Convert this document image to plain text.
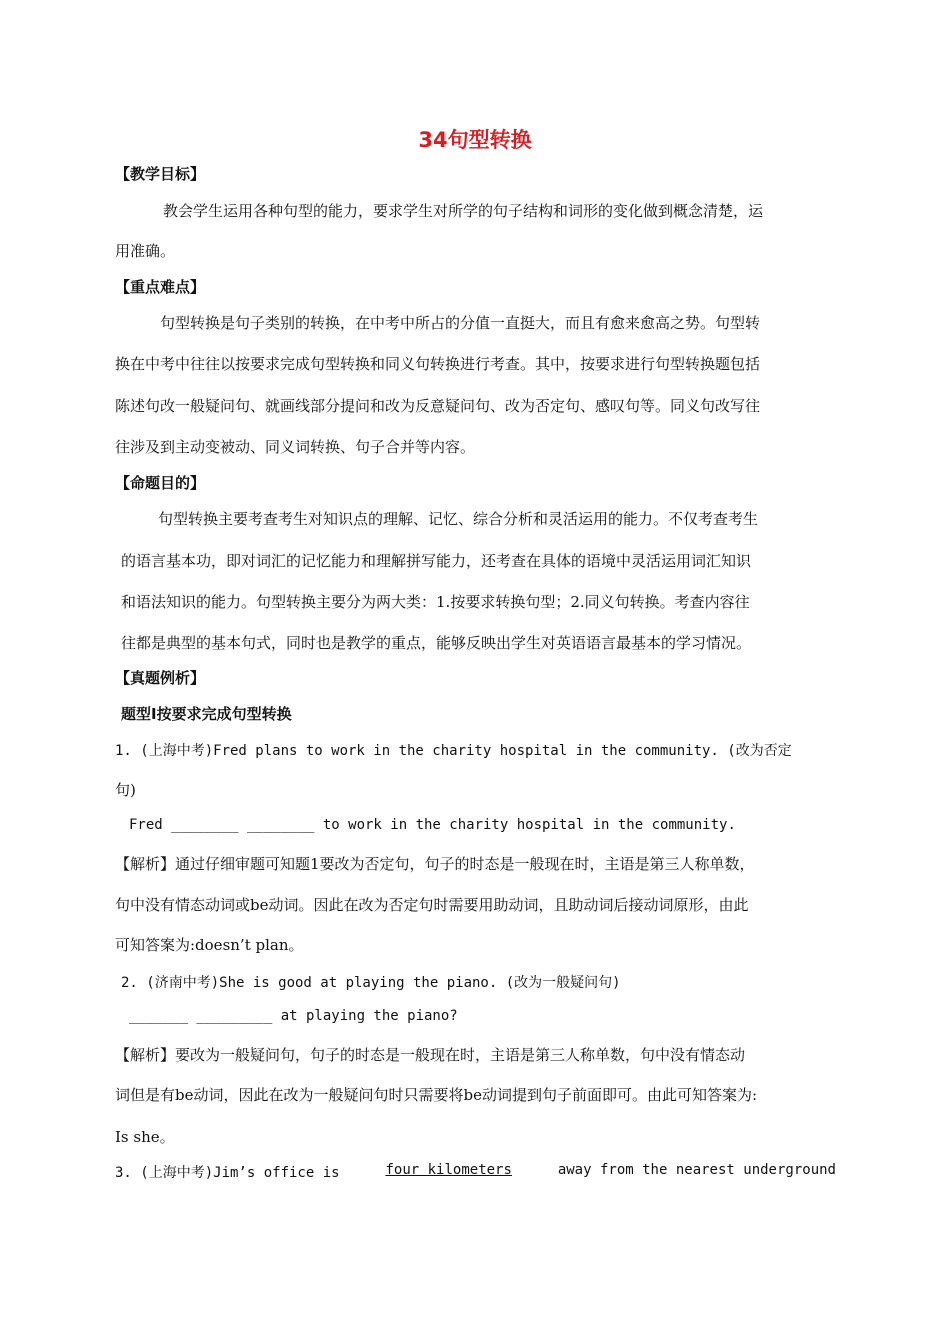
34句型转换
【教学目标】
教会学生运用各种句型的能力，要求学生对所学的句子结构和词形的变化做到概念清楚，运
用准确。
【重点难点】
句型转换是句子类别的转换，在中考中所占的分值一直挺大，而且有愈来愈高之势。句型转
换在中考中往往以按要求完成句型转换和同义句转换进行考查。其中，按要求进行句型转换题包括
陈述句改一般疑问句、就画线部分提问和改为反意疑问句、改为否定句、感叹句等。同义句改写往
往涉及到主动变被动、同义词转换、句子合并等内容。
【命题目的】
句型转换主要考查考生对知识点的理解、记忆、综合分析和灵活运用的能力。不仅考查考生
的语言基本功，即对词汇的记忆能力和理解拼写能力，还考查在具体的语境中灵活运用词汇知识
和语法知识的能力。句型转换主要分为两大类：1.按要求转换句型；2.同义句转换。考查内容往
往都是典型的基本句式，同时也是教学的重点，能够反映出学生对英语语言最基本的学习情况。
【真题例析】
题型Ⅰ按要求完成句型转换
1. (上海中考)Fred plans to work in the charity hospital in the community. (改为否定
句)
Fred ________ ________ to work in the charity hospital in the community.
【解析】通过仔细审题可知题1要改为否定句，句子的时态是一般现在时，主语是第三人称单数，
句中没有情态动词或be动词。因此在改为否定句时需要用助动词，且助动词后接动词原形，由此
可知答案为:doesn’t plan。
2. (济南中考)She is good at playing the piano. (改为一般疑问句)
_______ _________ at playing the piano?
【解析】要改为一般疑问句，句子的时态是一般现在时，主语是第三人称单数，句中没有情态动
词但是有be动词，因此在改为一般疑问句时只需要将be动词提到句子前面即可。由此可知答案为:
Is she。
3. (上海中考)Jim’s office is	four kilometers	away from the nearest underground
